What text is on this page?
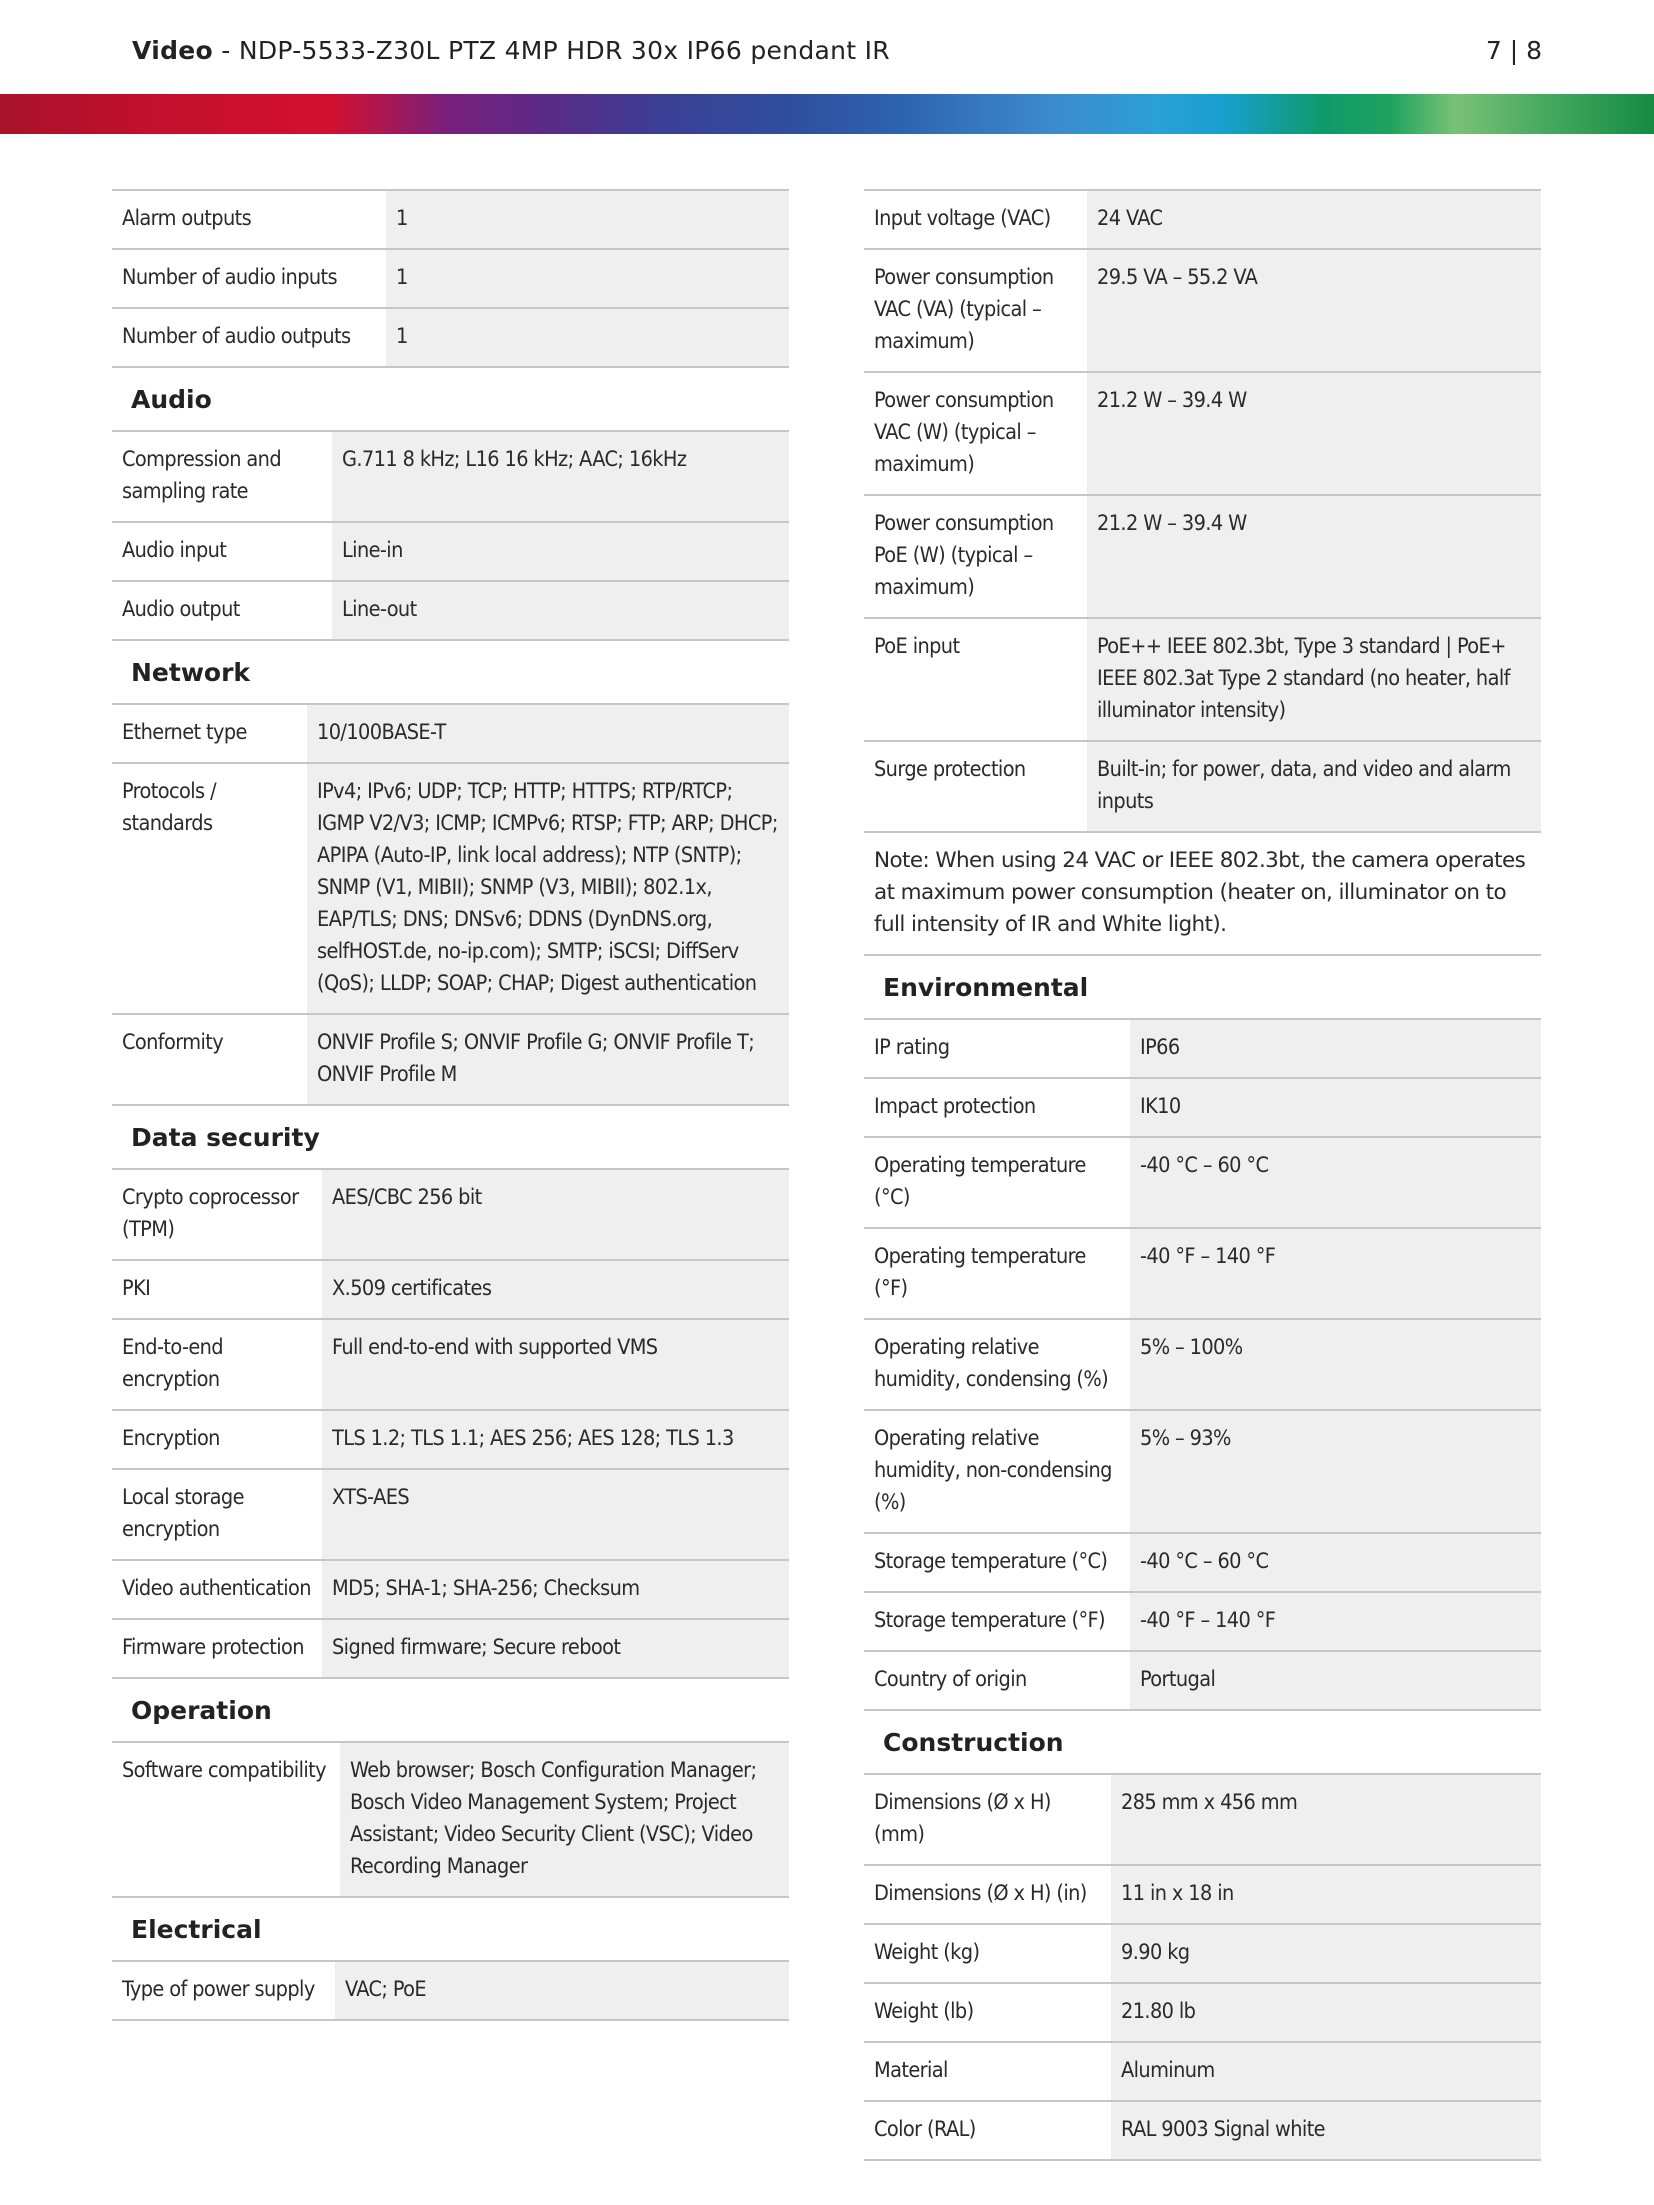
Video - NDP-5533-Z30L PTZ 4MP HDR 30x IP66 pendant IR	7 | 8
Alarm outputs	1
Number of audio inputs	1
Number of audio outputs	1
Audio	
Compression and sampling rate	G.711 8 kHz; L16 16 kHz; AAC; 16kHz
Audio input	Line-in
Audio output	Line-out
Network	
Ethernet type	10/100BASE-T
Protocols / standards	IPv4; IPv6; UDP; TCP; HTTP; HTTPS; RTP/RTCP; IGMP V2/V3; ICMP; ICMPv6; RTSP; FTP; ARP; DHCP; APIPA (Auto-IP, link local address); NTP (SNTP); SNMP (V1, MIBII); SNMP (V3, MIBII); 802.1x, EAP/TLS; DNS; DNSv6; DDNS (DynDNS.org, selfHOST.de, no-ip.com); SMTP; iSCSI; DiffServ (QoS); LLDP; SOAP; CHAP; Digest authentication
Conformity	ONVIF Profile S; ONVIF Profile G; ONVIF Profile T; ONVIF Profile M
Data security	
Crypto coprocessor (TPM)	AES/CBC 256 bit
PKI	X.509 certificates
End-to-end encryption	Full end-to-end with supported VMS
Encryption	TLS 1.2; TLS 1.1; AES 256; AES 128; TLS 1.3
Local storage encryption	XTS-AES
Video authentication	MD5; SHA-1; SHA-256; Checksum
Firmware protection	Signed firmware; Secure reboot
Operation
Software compatibility	Web browser; Bosch Configuration Manager; Bosch Video Management System; Project Assistant; Video Security Client (VSC); Video Recording Manager
Electrical
Type of power supply	VAC; PoE
Input voltage (VAC)	24 VAC
Power consumption VAC (VA) (typical – maximum)	29.5 VA – 55.2 VA
Power consumption VAC (W) (typical – maximum)	21.2 W – 39.4 W
Power consumption PoE (W) (typical – maximum)	21.2 W – 39.4 W
PoE input	PoE++ IEEE 802.3bt, Type 3 standard | PoE+ IEEE 802.3at Type 2 standard (no heater, half illuminator intensity)
Surge protection	Built-in; for power, data, and video and alarm inputs
Note: When using 24 VAC or IEEE 802.3bt, the camera operates at maximum power consumption (heater on, illuminator on to full intensity of IR and White light).	
Environmental	
IP rating	IP66
Impact protection	IK10
Operating temperature (°C)	-40 °C – 60 °C
Operating temperature (°F)	-40 °F – 140 °F
Operating relative humidity, condensing (%)	5% – 100%
Operating relative humidity, non-condensing (%)	5% – 93%
Storage temperature (°C)	-40 °C – 60 °C
Storage temperature (°F)	-40 °F – 140 °F
Country of origin	Portugal
Construction	
Dimensions (Ø x H) (mm)	285 mm x 456 mm
Dimensions (Ø x H) (in)	11 in x 18 in
Weight (kg)	9.90 kg
Weight (lb)	21.80 lb
Material	Aluminum
Color (RAL)	RAL 9003 Signal white
